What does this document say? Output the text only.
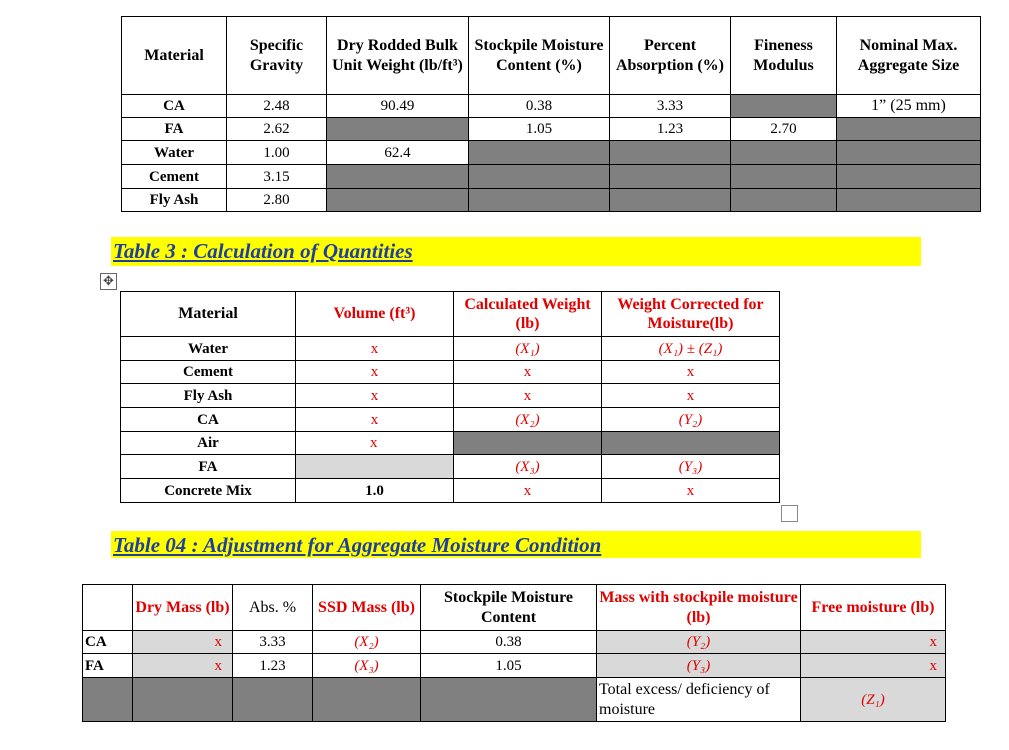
Material	Specific Gravity	Dry Rodded Bulk Unit Weight (lb/ft³)	Stockpile Moisture Content (%)	Percent Absorption (%)	Fineness Modulus	Nominal Max. Aggregate Size
CA	2.48	90.49	0.38	3.33		1” (25 mm)
FA	2.62		1.05	1.23	2.70	
Water	1.00	62.4				
Cement	3.15					
Fly Ash	2.80					
Table 3 : Calculation of Quantities
✥
Material	Volume (ft³)	Calculated Weight (lb)	Weight Corrected for Moisture(lb)
Water	x	(X₁)	(X₁) ± (Z₁)
Cement	x	x	x
Fly Ash	x	x	x
CA	x	(X₂)	(Y₂)
Air	x		
FA		(X₃)	(Y₃)
Concrete Mix	1.0	x	x
Table 04 : Adjustment for Aggregate Moisture Condition
	Dry Mass (lb)	Abs. %	SSD Mass (lb)	Stockpile Moisture Content	Mass with stockpile moisture (lb)	Free moisture (lb)
CA	x	3.33	(X₂)	0.38	(Y₂)	x
FA	x	1.23	(X₃)	1.05	(Y₃)	x
					Total excess/ deficiency of moisture	(Z₁)
